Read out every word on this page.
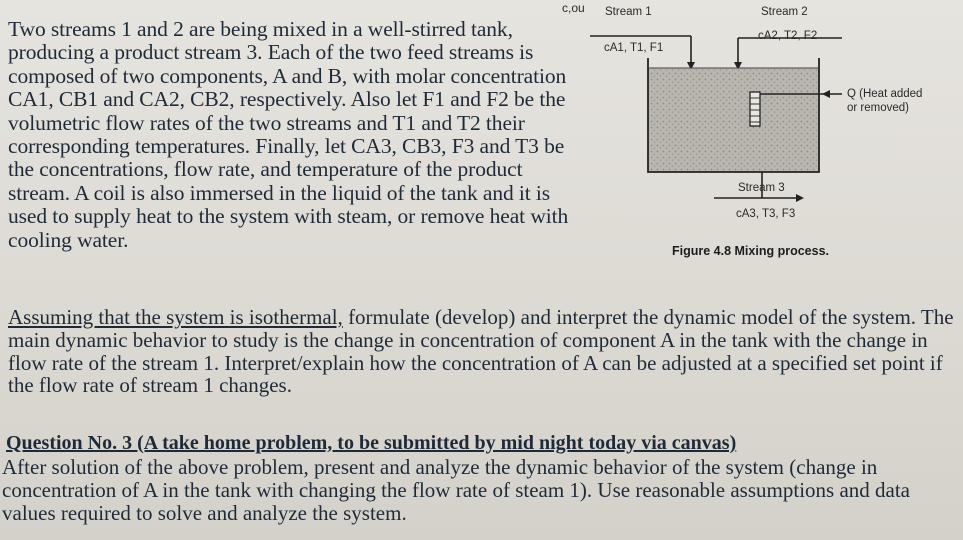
c,ou

Two streams 1 and 2 are being mixed in a well-stirred tank, producing a product stream 3. Each of the two feed streams is composed of two components, A and B, with molar concentration CA1, CB1 and CA2, CB2, respectively. Also let F1 and F2 be the volumetric flow rates of the two streams and T1 and T2 their corresponding temperatures. Finally, let CA3, CB3, F3 and T3 be the concentrations, flow rate, and temperature of the product stream. A coil is also immersed in the liquid of the tank and it is used to supply heat to the system with steam, or remove heat with cooling water.

Stream 1
cA1, T1, F1
Stream 2
cA2, T2, F2
Q (Heat added
or removed)
Stream 3
cA3, T3, F3
Figure 4.8 Mixing process.

Assuming that the system is isothermal, formulate (develop) and interpret the dynamic model of the system. The main dynamic behavior to study is the change in concentration of component A in the tank with the change in flow rate of the stream 1. Interpret/explain how the concentration of A can be adjusted at a specified set point if the flow rate of stream 1 changes.

Question No. 3 (A take home problem, to be submitted by mid night today via canvas)

After solution of the above problem, present and analyze the dynamic behavior of the system (change in concentration of A in the tank with changing the flow rate of steam 1). Use reasonable assumptions and data values required to solve and analyze the system.
